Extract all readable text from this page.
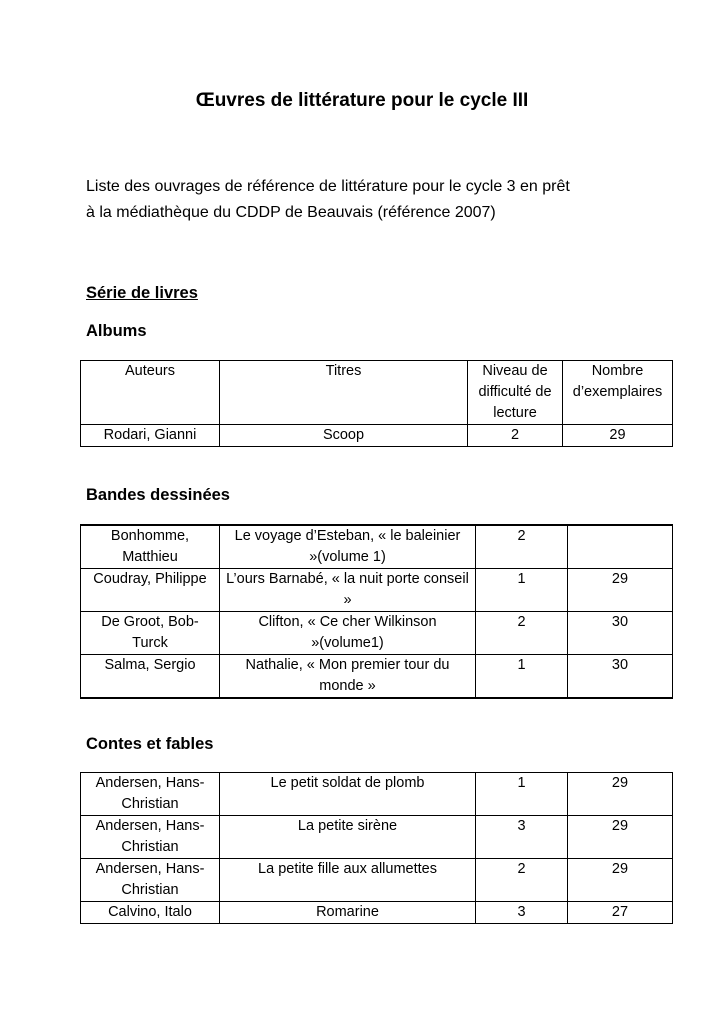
Œuvres de littérature pour le cycle III

Liste des ouvrages de référence de littérature pour le cycle 3 en prêt

à la médiathèque du CDDP de Beauvais (référence 2007)

Série de livres
Albums
Auteurs	Titres	Niveau de difficulté de lecture	Nombre d’exemplaires
Rodari, Gianni	Scoop	2	29
Bandes dessinées
Bonhomme, Matthieu	Le voyage d’Esteban, « le baleinier »(volume 1)	2	
Coudray, Philippe	L’ours Barnabé, « la nuit porte conseil »	1	29
De Groot, Bob-Turck	Clifton, « Ce cher Wilkinson »(volume1)	2	30
Salma, Sergio	Nathalie, « Mon premier tour du monde »	1	30
Contes et fables
Andersen, Hans-Christian	Le petit soldat de plomb	1	29
Andersen, Hans-Christian	La petite sirène	3	29
Andersen, Hans-Christian	La petite fille aux allumettes	2	29
Calvino, Italo	Romarine	3	27
